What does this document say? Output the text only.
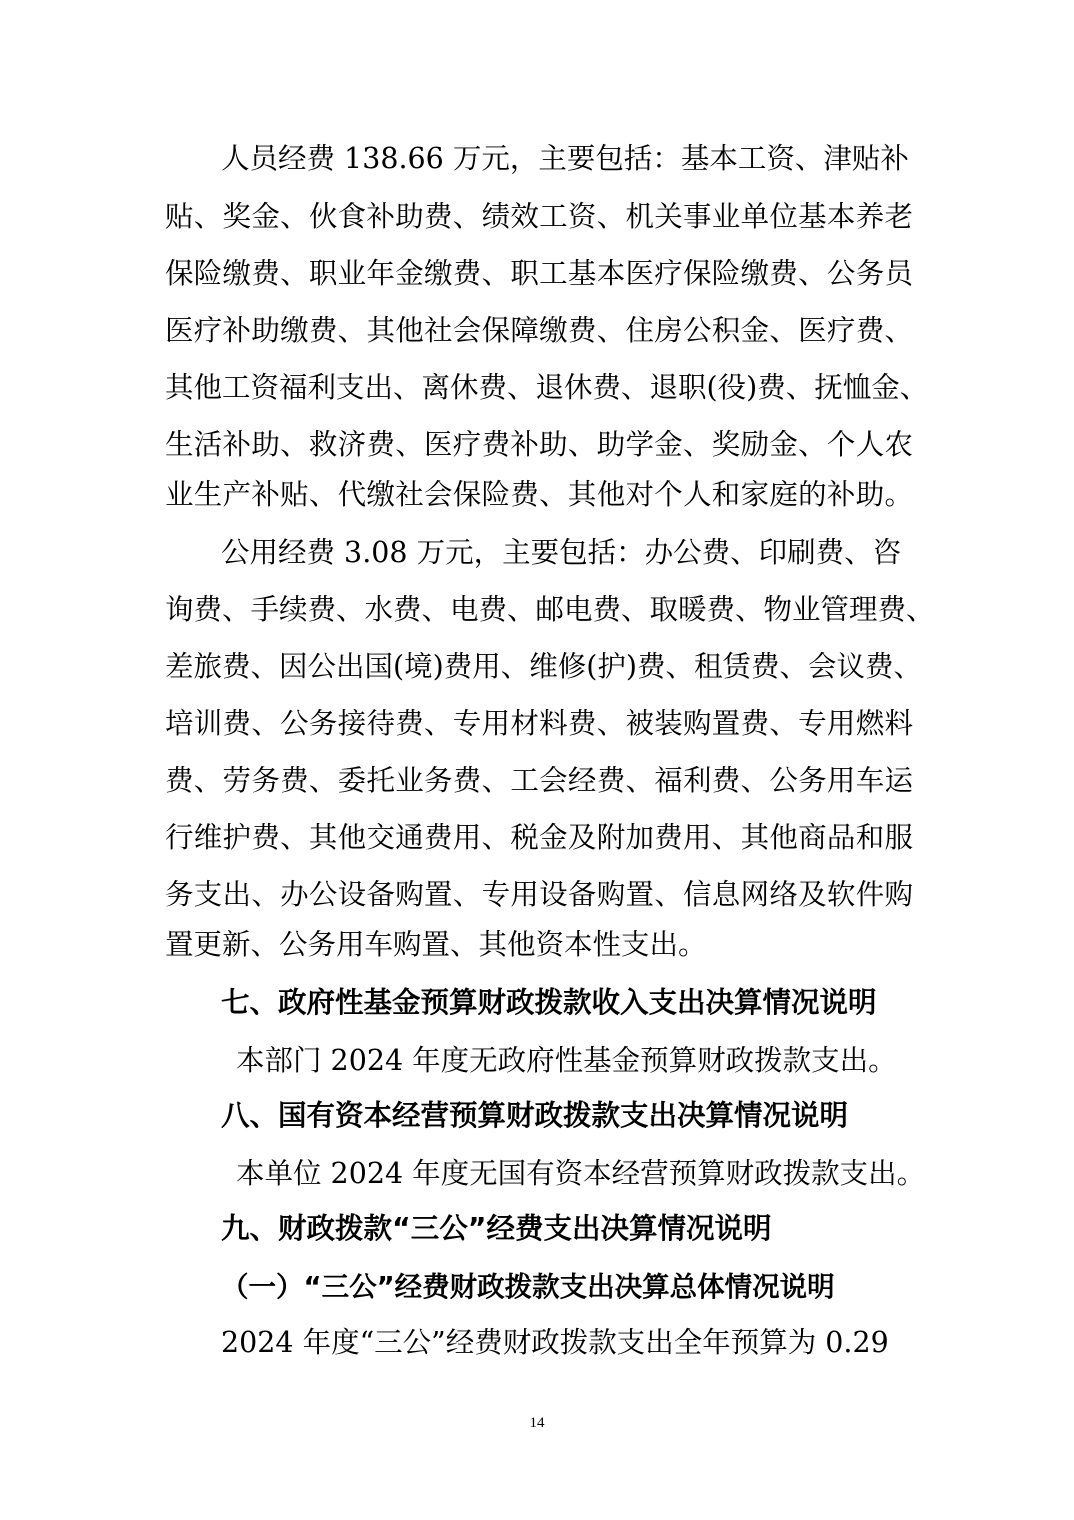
人员经费 138.66 万元，主要包括：基本工资、津贴补

贴、奖金、伙食补助费、绩效工资、机关事业单位基本养老

保险缴费、职业年金缴费、职工基本医疗保险缴费、公务员

医疗补助缴费、其他社会保障缴费、住房公积金、医疗费、

其他工资福利支出、离休费、退休费、退职(役)费、抚恤金、

生活补助、救济费、医疗费补助、助学金、奖励金、个人农

业生产补贴、代缴社会保险费、其他对个人和家庭的补助。

公用经费 3.08 万元，主要包括：办公费、印刷费、咨

询费、手续费、水费、电费、邮电费、取暖费、物业管理费、

差旅费、因公出国(境)费用、维修(护)费、租赁费、会议费、

培训费、公务接待费、专用材料费、被装购置费、专用燃料

费、劳务费、委托业务费、工会经费、福利费、公务用车运

行维护费、其他交通费用、税金及附加费用、其他商品和服

务支出、办公设备购置、专用设备购置、信息网络及软件购

置更新、公务用车购置、其他资本性支出。

七、政府性基金预算财政拨款收入支出决算情况说明

本部门 2024 年度无政府性基金预算财政拨款支出。

八、国有资本经营预算财政拨款支出决算情况说明

本单位 2024 年度无国有资本经营预算财政拨款支出。

九、财政拨款“三公”经费支出决算情况说明
（一）“三公”经费财政拨款支出决算总体情况说明

2024 年度“三公”经费财政拨款支出全年预算为 0.29

14
